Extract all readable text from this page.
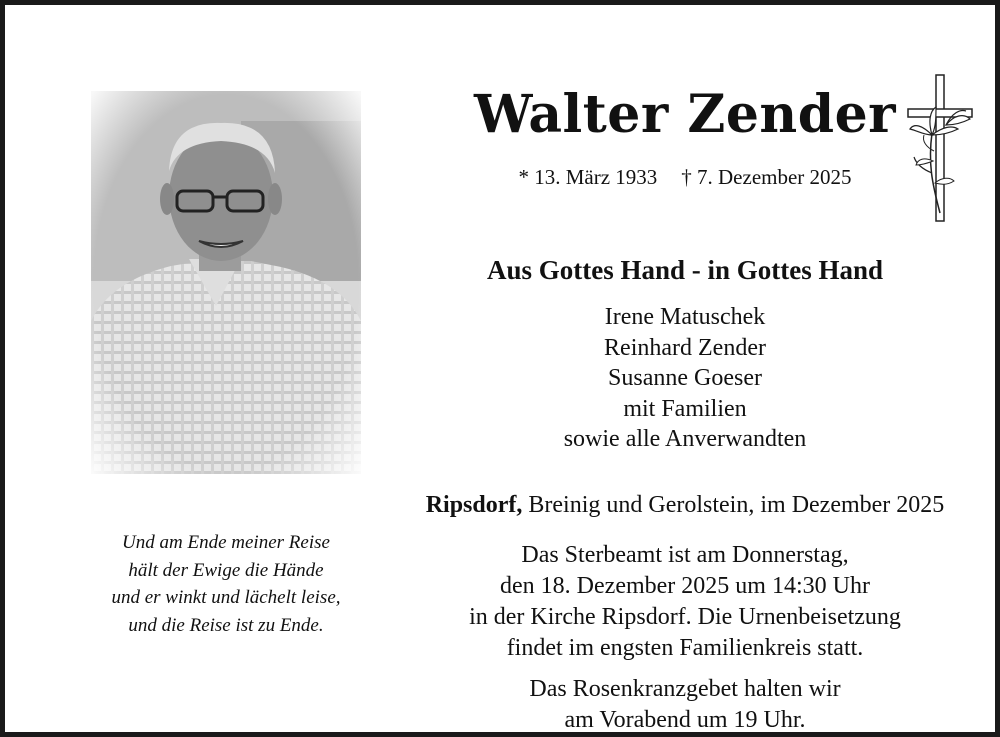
Walter Zender
* 13. März 1933 † 7. Dezember 2025
Aus Gottes Hand - in Gottes Hand
Irene Matuschek
Reinhard Zender
Susanne Goeser
mit Familien
sowie alle Anverwandten
Ripsdorf, Breinig und Gerolstein, im Dezember 2025
Das Sterbeamt ist am Donnerstag,
den 18. Dezember 2025 um 14:30 Uhr
in der Kirche Ripsdorf. Die Urnenbeisetzung
findet im engsten Familienkreis statt.
Das Rosenkranzgebet halten wir
am Vorabend um 19 Uhr.
Und am Ende meiner Reise
hält der Ewige die Hände
und er winkt und lächelt leise,
und die Reise ist zu Ende.
